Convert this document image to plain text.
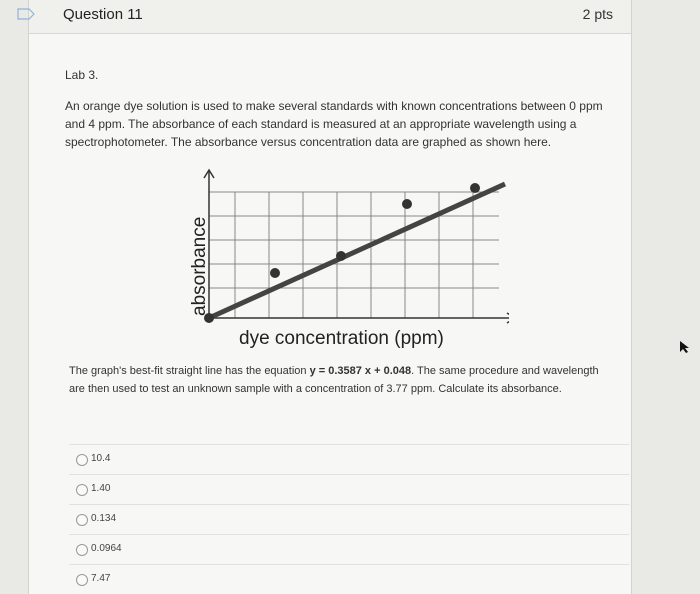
Question 11	2 pts
Lab 3.
An orange dye solution is used to make several standards with known concentrations between 0 ppm and 4 ppm. The absorbance of each standard is measured at an appropriate wavelength using a spectrophotometer. The absorbance versus concentration data are graphed as shown here.
absorbance
dye concentration (ppm)
The graph's best-fit straight line has the equation y = 0.3587 x + 0.048. The same procedure and wavelength are then used to test an unknown sample with a concentration of 3.77 ppm. Calculate its absorbance.
10.4
1.40
0.134
0.0964
7.47
